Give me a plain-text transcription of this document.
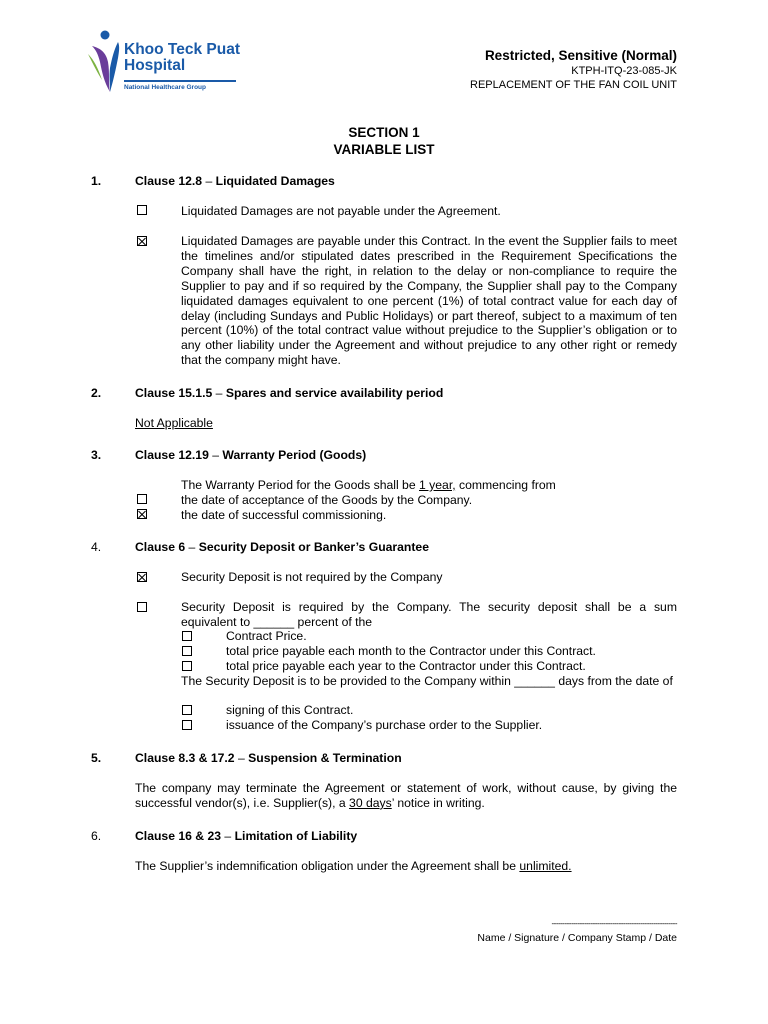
Khoo Teck Puat
Hospital
National Healthcare Group
Restricted, Sensitive (Normal)
KTPH-ITQ-23-085-JK
REPLACEMENT OF THE FAN COIL UNIT
SECTION 1
VARIABLE LIST
1.	Clause 12.8 – Liquidated Damages
Liquidated Damages are not payable under the Agreement.
Liquidated Damages are payable under this Contract. In the event the Supplier fails to meet the timelines and/or stipulated dates prescribed in the Requirement Specifications the Company shall have the right, in relation to the delay or non-compliance to require the Supplier to pay and if so required by the Company, the Supplier shall pay to the Company liquidated damages equivalent to one percent (1%) of total contract value for each day of delay (including Sundays and Public Holidays) or part thereof, subject to a maximum of ten percent (10%) of the total contract value without prejudice to the Supplier’s obligation or to any other liability under the Agreement and without prejudice to any other right or remedy that the company might have.
2.	Clause 15.1.5 – Spares and service availability period
Not Applicable
3.	Clause 12.19 – Warranty Period (Goods)
The Warranty Period for the Goods shall be 1 year, commencing from
the date of acceptance of the Goods by the Company.
the date of successful commissioning.
4.	Clause 6 – Security Deposit or Banker’s Guarantee
Security Deposit is not required by the Company
Security Deposit is required by the Company. The security deposit shall be a sum equivalent to ______ percent of the
Contract Price.
total price payable each month to the Contractor under this Contract.
total price payable each year to the Contractor under this Contract.
The Security Deposit is to be provided to the Company within ______ days from the date of
signing of this Contract.
issuance of the Company’s purchase order to the Supplier.
5.	Clause 8.3 & 17.2 – Suspension & Termination
The company may terminate the Agreement or statement of work, without cause, by giving the successful vendor(s), i.e. Supplier(s), a 30 days’ notice in writing.
6.	Clause 16 & 23 – Limitation of Liability
The Supplier’s indemnification obligation under the Agreement shall be unlimited.
----------------------------------------------------------
Name / Signature / Company Stamp / Date
